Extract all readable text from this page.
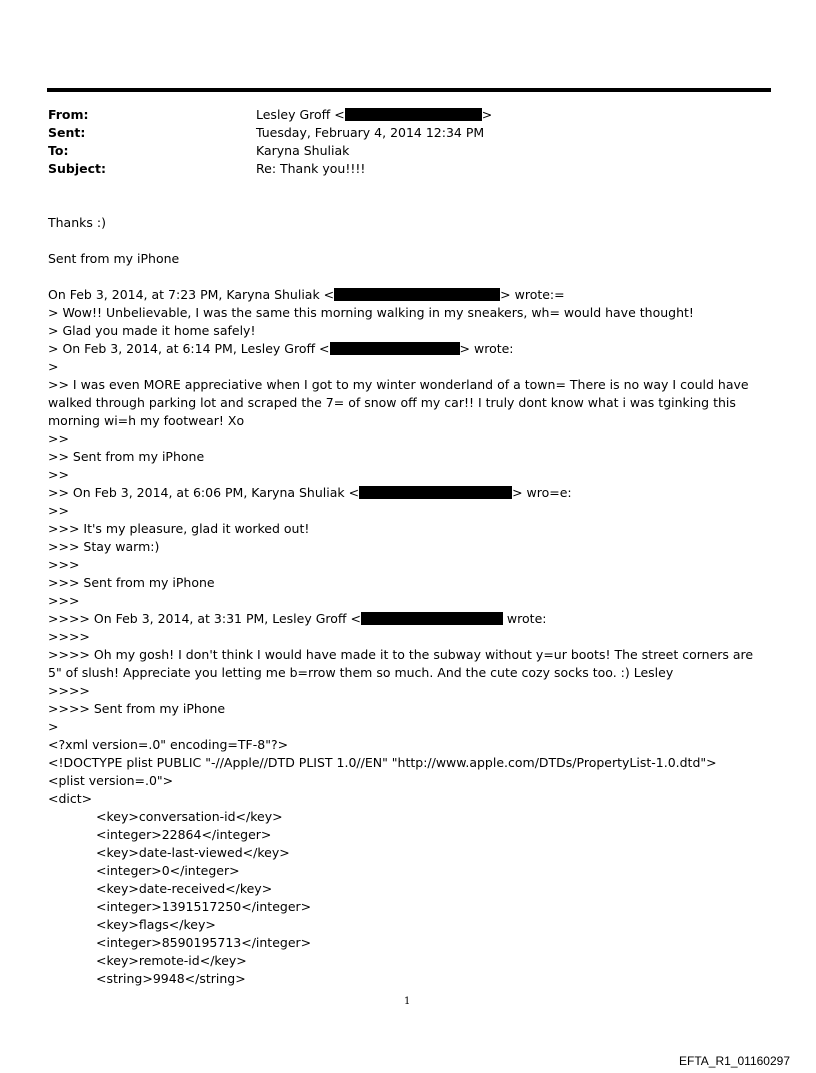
From:	Lesley Groff <	>
Sent:	Tuesday, February 4, 2014 12:34 PM
To:	Karyna Shuliak
Subject:	Re: Thank you!!!!
Thanks :)
Sent from my iPhone
On Feb 3, 2014, at 7:23 PM, Karyna Shuliak <	> wrote:=
> Wow!! Unbelievable, I was the same this morning walking in my sneakers, wh= would have thought!
> Glad you made it home safely!
> On Feb 3, 2014, at 6:14 PM, Lesley Groff <	> wrote:
>
>> I was even MORE appreciative when I got to my winter wonderland of a town= There is no way I could have walked through parking lot and scraped the 7= of snow off my car!! I truly dont know what i was tginking this morning wi=h my footwear! Xo
>>
>> Sent from my iPhone
>>
>> On Feb 3, 2014, at 6:06 PM, Karyna Shuliak <	> wro=e:
>>
>>> It's my pleasure, glad it worked out!
>>> Stay warm:)
>>>
>>> Sent from my iPhone
>>>
>>>> On Feb 3, 2014, at 3:31 PM, Lesley Groff <	wrote:
>>>>
>>>> Oh my gosh! I don't think I would have made it to the subway without y=ur boots! The street corners are 5" of slush! Appreciate you letting me b=rrow them so much. And the cute cozy socks too. :) Lesley
>>>>
>>>> Sent from my iPhone
>
<?xml version=.0" encoding=TF-8"?>
<!DOCTYPE plist PUBLIC "-//Apple//DTD PLIST 1.0//EN" "http://www.apple.com/DTDs/PropertyList-1.0.dtd">
<plist version=.0">
<dict>
<key>conversation-id</key>
<integer>22864</integer>
<key>date-last-viewed</key>
<integer>0</integer>
<key>date-received</key>
<integer>1391517250</integer>
<key>flags</key>
<integer>8590195713</integer>
<key>remote-id</key>
<string>9948</string>
1
EFTA_R1_01160297
